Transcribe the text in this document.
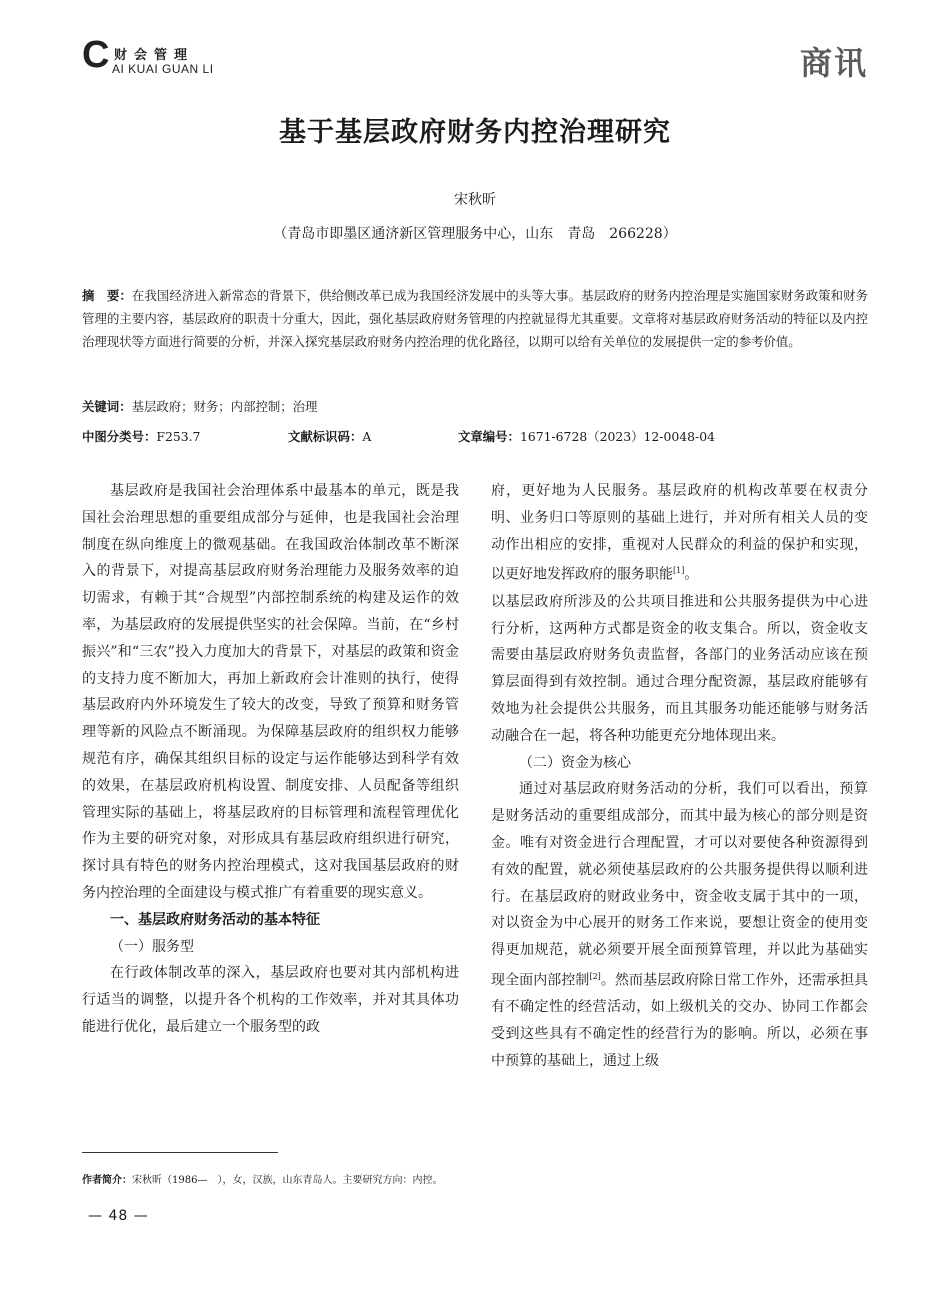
C 财会管理
AI KUAI GUAN LI	商讯
基于基层政府财务内控治理研究
宋秋昕
（青岛市即墨区通济新区管理服务中心，山东　青岛　266228）
摘　要：在我国经济进入新常态的背景下，供给侧改革已成为我国经济发展中的头等大事。基层政府的财务内控治理是实施国家财务政策和财务管理的主要内容，基层政府的职责十分重大，因此，强化基层政府财务管理的内控就显得尤其重要。文章将对基层政府财务活动的特征以及内控治理现状等方面进行简要的分析，并深入探究基层政府财务内控治理的优化路径，以期可以给有关单位的发展提供一定的参考价值。
关键词：基层政府；财务；内部控制；治理
中图分类号：F253.7	文献标识码：A	文章编号：1671-6728（2023）12-0048-04

基层政府是我国社会治理体系中最基本的单元，既是我国社会治理思想的重要组成部分与延伸，也是我国社会治理制度在纵向维度上的微观基础。在我国政治体制改革不断深入的背景下，对提高基层政府财务治理能力及服务效率的迫切需求，有赖于其“合规型”内部控制系统的构建及运作的效率，为基层政府的发展提供坚实的社会保障。当前，在“乡村振兴”和“三农”投入力度加大的背景下，对基层的政策和资金的支持力度不断加大，再加上新政府会计准则的执行，使得基层政府内外环境发生了较大的改变，导致了预算和财务管理等新的风险点不断涌现。为保障基层政府的组织权力能够规范有序，确保其组织目标的设定与运作能够达到科学有效的效果，在基层政府机构设置、制度安排、人员配备等组织管理实际的基础上，将基层政府的目标管理和流程管理优化作为主要的研究对象，对形成具有基层政府组织进行研究，探讨具有特色的财务内控治理模式，这对我国基层政府的财务内控治理的全面建设与模式推广有着重要的现实意义。

一、基层政府财务活动的基本特征

（一）服务型

在行政体制改革的深入，基层政府也要对其内部机构进行适当的调整，以提升各个机构的工作效率，并对其具体功能进行优化，最后建立一个服务型的政

府，更好地为人民服务。基层政府的机构改革要在权责分明、业务归口等原则的基础上进行，并对所有相关人员的变动作出相应的安排，重视对人民群众的利益的保护和实现，以更好地发挥政府的服务职能[1]。

以基层政府所涉及的公共项目推进和公共服务提供为中心进行分析，这两种方式都是资金的收支集合。所以，资金收支需要由基层政府财务负责监督，各部门的业务活动应该在预算层面得到有效控制。通过合理分配资源，基层政府能够有效地为社会提供公共服务，而且其服务功能还能够与财务活动融合在一起，将各种功能更充分地体现出来。

（二）资金为核心

通过对基层政府财务活动的分析，我们可以看出，预算是财务活动的重要组成部分，而其中最为核心的部分则是资金。唯有对资金进行合理配置，才可以对要使各种资源得到有效的配置，就必须使基层政府的公共服务提供得以顺利进行。在基层政府的财政业务中，资金收支属于其中的一项，对以资金为中心展开的财务工作来说，要想让资金的使用变得更加规范，就必须要开展全面预算管理，并以此为基础实现全面内部控制[2]。然而基层政府除日常工作外，还需承担具有不确定性的经营活动，如上级机关的交办、协同工作都会受到这些具有不确定性的经营行为的影响。所以，必须在事中预算的基础上，通过上级

作者简介：宋秋昕（1986—　），女，汉族，山东青岛人。主要研究方向：内控。
— 48 —
